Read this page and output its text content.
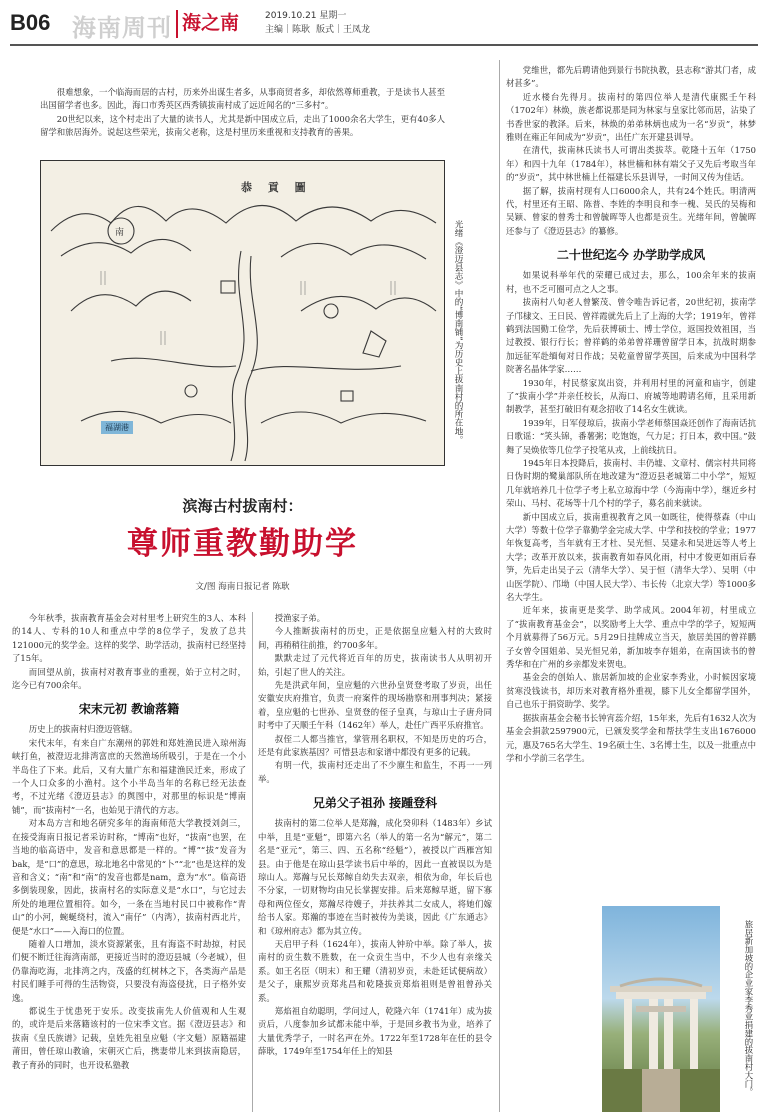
B06 海南周刊 海之南	2019.10.21 星期一
主编｜陈耿 版式｜王凤龙

很难想象，一个临海而居的古村，历来外出谋生者多，从事商贸者多，却依然尊师重教，于是读书人甚至出国留学者也多。因此，海口市秀英区西秀镇拔南村成了远近闻名的“三多村”。

20世纪以来，这个村走出了大量的读书人，尤其是新中国成立后，走出了1000余名大学生，更有40多人留学和旅居海外。说起这些荣光，拔南父老称，这是村里历来重视和支持教育的善果。

恭 貢 圖
南
福湖港	光绪《澄迈县志》中的“博南铺”为历史上拔南村的所在地。
滨海古村拔南村：
尊师重教勤助学
文/图 海南日报记者 陈耿

今年秋季，拔南教育基金会对村里考上研究生的3人、本科的14人、专科的10人和重点中学的8位学子，发放了总共121000元的奖学金。这样的奖学、助学活动，拔南村已经坚持了15年。

而回望从前，拔南村对教育事业的重视，始于立村之时，迄今已有700余年。

宋末元初 教谕落籍

历史上的拔南村归澄迈管辖。

宋代末年，有来自广东潮州的郭姓和郑姓渔民进入琼州海峡打鱼，被澄迈北排湾富庶的天然渔场所吸引，于是在一个小半岛住了下来。此后，又有大量广东和福建渔民迁来，形成了一个人口众多的小渔村。这个小半岛当年的名称已经无法查考，不过光绪《澄迈县志》的舆图中，对那里的标识是“博南铺”，而“拔南村”一名，也始见于清代的方志。

对本岛方言和地名研究多年的海南师范大学教授刘剑三，在接受海南日报记者采访时称，“博南”也好，“拔南”也罢，在当地的临高语中，发音和意思都是一样的。“博”“拔”发音为bak，是“口”的意思，琼北地名中常见的“卜”“北”也是这样的发音和含义；“南”和“南”的发音也都是nam，意为“水”。临高语多倒装现象，因此，拔南村名的实际意义是“水口”，与它过去所处的地理位置相符。如今，一条在当地村民口中被称作“青山”的小河，蜿蜒绕村，流入“南仔”（内湾），拔南村西北片，便是“水口”——入海口的位置。

随着人口增加，淡水资源紧张，且有海盗不时劫掠，村民们便不断迁往海湾南部，更接近当时的澄迈县城（今老城），但仍靠海吃海，北排湾之内，茂盛的红树林之下，各类海产品是村民们睡手可得的生活物资，只要没有海盗侵扰，日子格外安逸。

都说生于忧患死于安乐。改变拔南先人价值观和人生观的，或许是后来落籍该村的一位宋季文官。据《澄迈县志》和拔南《皇氏族谱》记载，皇姓先祖皇应魁（字文魁）原籍福建莆田，曾任琼山教谕，宋朝灭亡后，携妻带儿来到拔南隐居，教子育孙的同时，也开设私塾教

授渔家子弟。

今人推断拔南村的历史，正是依据皇应魁入村的大致时间，再稍稍往前推，约700多年。

默默走过了元代将近百年的历史，拔南读书人从明初开始，引起了世人的关注。

先是洪武年间，皇应魁的六世孙皇贤登考取了岁贡，出任安徽安庆府推官，负责一府案件的现场勘察和刑事判决；紧接着，皇应魁的七世孙、皇贤登的侄子皇真，与琼山士子唐舟同时考中了天顺壬午科（1462年）举人，赴任广西平乐府推官。

叔侄二人都当推官，掌管刑名职权，不知是历史的巧合，还是有此家族基因？可惜县志和家谱中都没有更多的记载。

有明一代，拔南村还走出了不少廪生和监生，不再一一列举。

兄弟父子祖孙 接踵登科

拔南村的第二位举人是郑瀚，成化癸卯科（1483年）乡试中举，且是“亚魁”，即第六名（举人的第一名为“解元”，第二名是“亚元”，第三、四、五名称“经魁”），被授以广西雁宫知县。由于他是在琼山县学读书后中举的，因此一直被误以为是琼山人。郑瀚与兄长郑鲸自幼失去双亲，相依为命，年长后也不分家，一切财物均由兄长掌握安排。后来郑鲸早逝，留下寡母和两位侄女，郑瀚尽待嫂子，并扶养其二女成人，将她们嫁给书人家。郑瀚的事迹在当时被传为美谈，因此《广东通志》和《琼州府志》都为其立传。

天启甲子科（1624年），拔南人钟玠中举。除了举人，拔南村的贡生数不胜数，在一众贡生当中，不少人也有亲缘关系。如王名臣（明末）和王耀（清初岁贡，未赴廷试便病故）是父子，康熙岁贡郑兆昌和乾隆拔贡郑焰祖则是曾祖曾孙关系。

郑焰祖自幼聪明，学问过人，乾隆六年（1741年）成为拔贡后，八度参加乡试都未能中举，于是回乡教书为业，培养了大量优秀学子，一时名声在外。1722年至1728年在任的县令薛耿，1749年至1754年任上的知县

党维世，都先后聘请他到景行书院执教，县志称“游其门者，成材甚多”。

近水楼台先得月。拔南村的第四位举人是清代康熙壬午科（1702年）林焕，族老都说那是同为林家与皇家比邻而居，沾染了书香世家的教泽。后来，林焕的弟弟林炳也成为一名“岁贡”，林梦雅则在雍正年间成为“岁贡”，出任广东开建县训导。

在清代，拔南林氏读书人可谓出类拔萃。乾隆十五年（1750年）和四十九年（1784年），林世楠和林有端父子又先后考取当年的“岁贡”，其中林世楠上任福建长乐县训导，一时间又传为佳话。

据了解，拔南村现有人口6000余人，共有24个姓氏。明清两代，村里还有王昭、陈普、李姓的李明良和李一槐、吴氏的吴梅和吴颖、曾家的曾秀士和曾毓晖等人也都是贡生。光绪年间，曾毓晖还参与了《澄迈县志》的纂修。

二十世纪迄今 办学助学成风

如果说科举年代的荣耀已成过去，那么，100余年来的拔南村，也不乏可圈可点之人之事。

拔南村八旬老人曾繁茂、曾令唯告诉记者，20世纪初，拔南学子邝棣文、王日民、曾祥霞就先后上了上海的大学；1919年，曾祥鹤到法国勤工俭学，先后获博硕士、博士学位，返国投效祖国，当过教授、银行行长；曾祥鹤的弟弟曾祥珊曾留学日本，抗战时期参加远征军赴缅甸对日作战；吴乾童曾留学英国，后来成为中国科学院著名晶体学家……

1930年，村民蔡家岚出资，并利用村里的河童和庙宇，创建了“拔南小学”并亲任校长，从海口、府城等地聘请名师，且采用新制教学，甚至打破旧有观念招收了14名女生就读。

1939年，日军侵琼后，拔南小学老师蔡国焱还创作了海南话抗日歌谣：“笑头锦，番薯粥；吃饱饱，气力足；打日本，救中国。”鼓舞了吴焕依等几位学子投笔从戎，上前线抗日。

1945年日本投降后，拔南村、丰仍墟、文章村、儒宗村共同将日伪时期的鹭巢部队所在地改建为“澄迈县老城第二中小学”，短短几年就培养几十位学子考上私立琼海中学（今海南中学），继近乡村荣山、马村、花场等十几个村的学子，募名前来就读。

新中国成立后，拔南重视教育之风一如既往，使得蔡森（中山大学）等数十位学子靠勤学金完成大学、中学和技校的学业；1977年恢复高考，当年就有王才杜、吴光恒、吴建永和吴进远等人考上大学；改革开放以来，拔南教育如春风化雨，村中才俊更如雨后春笋，先后走出吴子云（清华大学）、吴于恒（清华大学）、吴明（中山医学院）、邝坳（中国人民大学）、韦长传（北京大学）等1000多名大学生。

近年来，拔南更是奖学、助学成风。2004年初，村里成立了“拔南教育基金会”，以奖励考上大学、重点中学的学子，短短两个月就募得了56万元。5月29日挂牌成立当天，旅居美国的曾祥鹏子女曾令国姐弟、吴光恒兄弟，新加坡李存姐弟，在南国读书的曾秀华和在广州的乡亲都发来贺电。

基金会的创始人、旅居新加坡的企业家李秀业，小时候因家境贫寒没钱读书，却历来对教育格外重视，膝下儿女全都留学国外，自己也乐于捐资助学、奖学。

据拔南基金会秘书长钟宵蕊介绍，15年来，先后有1632人次为基金会捐款2597900元，已颁发奖学金和帮扶学生支出1676000元，惠及765名大学生、19名硕士生、3名博士生，以及一批重点中学和小学前三名学生。

旅居新加坡的企业家李秀业捐建的拔南村大门。
